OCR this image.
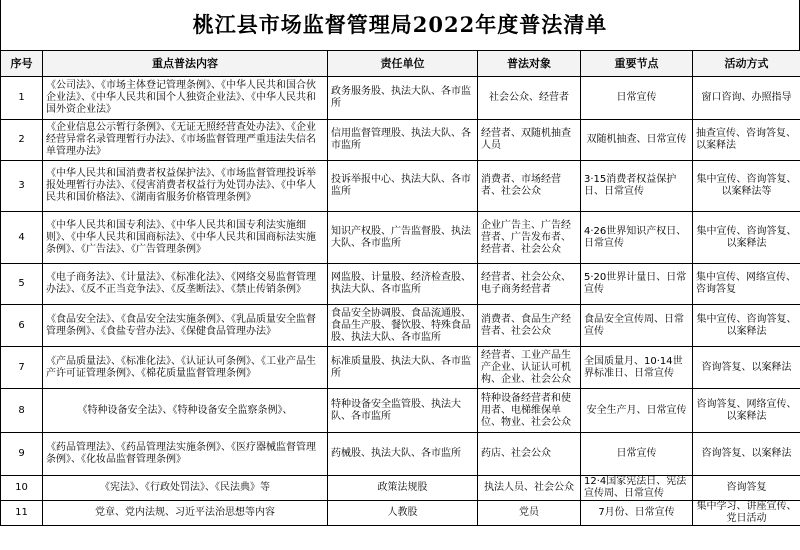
桃江县市场监督管理局2022年度普法清单
序号	重点普法内容	责任单位	普法对象	重要节点	活动方式
1	《公司法》、《市场主体登记管理条例》、《中华人民共和国合伙企业法》、《中华人民共和国个人独资企业法》、《中华人民共和国外资企业法》	政务服务股、执法大队、各市监所	社会公众、经营者	日常宣传	窗口咨询、办照指导
2	《企业信息公示暂行条例》、《无证无照经营查处办法》、《企业经营异常名录管理暂行办法》、《市场监督管理严重违法失信名单管理办法》	信用监督管理股、执法大队、各市监所	经营者、双随机抽查人员	双随机抽查、日常宣传	抽查宣传、咨询答复、以案释法
3	《中华人民共和国消费者权益保护法》、《市场监督管理投诉举报处理暂行办法》、《侵害消费者权益行为处罚办法》、《中华人民共和国价格法》、《湖南省服务价格管理条例》	投诉举报中心、执法大队、各市监所	消费者、市场经营者、社会公众	3·15消费者权益保护日、日常宣传	集中宣传、咨询答复、以案释法等
4	《中华人民共和国专利法》、《中华人民共和国专利法实施细则》、《中华人民共和国商标法》、《中华人民共和国商标法实施条例》、《广告法》、《广告管理条例》	知识产权股、广告监督股、执法大队、各市监所	企业广告主、广告经营者、广告发布者、经营者、社会公众	4·26世界知识产权日、日常宣传	集中宣传、咨询答复、以案释法
5	《电子商务法》、《计量法》、《标准化法》、《网络交易监督管理办法》、《反不正当竞争法》、《反垄断法》、《禁止传销条例》	网监股、计量股、经济检查股、执法大队、各市监所	经营者、社会公众、电子商务经营者	5·20世界计量日、日常宣传	集中宣传、网络宣传、咨询答复
6	《食品安全法》、《食品安全法实施条例》、《乳品质量安全监督管理条例》、《食盐专营办法》、《保健食品管理办法》	食品安全协调股、食品流通股、食品生产股、餐饮股、特殊食品股、执法大队、各市监所	消费者、食品生产经营者、社会公众	食品安全宣传周、日常宣传	集中宣传、咨询答复、以案释法
7	《产品质量法》、《标准化法》、《认证认可条例》、《工业产品生产许可证管理条例》、《棉花质量监督管理条例》	标准质量股、执法大队、各市监所	经营者、工业产品生产企业、认证认可机构、企业、社会公众	全国质量月、10·14世界标准日、日常宣传	咨询答复、以案释法
8	《特种设备安全法》、《特种设备安全监察条例》、	特种设备安全监管股、执法大队、各市监所	特种设备经营者和使用者、电梯维保单位、物业、社会公众	安全生产月、日常宣传	咨询答复、网络宣传、以案释法
9	《药品管理法》、《药品管理法实施条例》、《医疗器械监督管理条例》、《化妆品监督管理条例》	药械股、执法大队、各市监所	药店、社会公众	日常宣传	咨询答复、以案释法
10	《宪法》、《行政处罚法》、《民法典》等	政策法规股	执法人员、社会公众	12·4国家宪法日、宪法宣传周、日常宣传	咨询答复
11	党章、党内法规、习近平法治思想等内容	人教股	党员	7月份、日常宣传	集中学习、讲座宣传、党日活动
